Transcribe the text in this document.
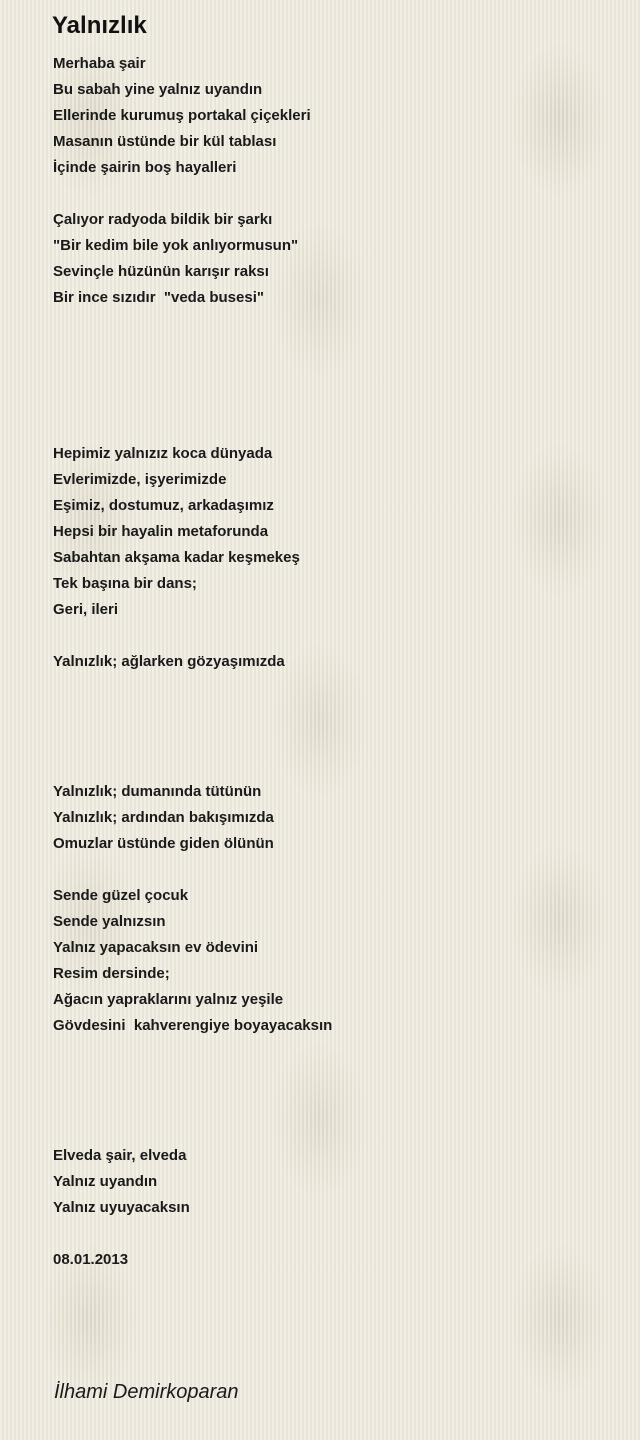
Yalnızlık
Merhaba şair
Bu sabah yine yalnız uyandın
Ellerinde kurumuş portakal çiçekleri
Masanın üstünde bir kül tablası
İçinde şairin boş hayalleri
Çalıyor radyoda bildik bir şarkı
"Bir kedim bile yok anlıyormusun"
Sevinçle hüzünün karışır raksı
Bir ince sızıdır  "veda busesi"
Hepimiz yalnızız koca dünyada
Evlerimizde, işyerimizde
Eşimiz, dostumuz, arkadaşımız
Hepsi bir hayalin metaforunda
Sabahtan akşama kadar keşmekeş
Tek başına bir dans;
Geri, ileri
Yalnızlık; ağlarken gözyaşımızda
Yalnızlık; dumanında tütünün
Yalnızlık; ardından bakışımızda
Omuzlar üstünde giden ölünün
Sende güzel çocuk
Sende yalnızsın
Yalnız yapacaksın ev ödevini
Resim dersinde;
Ağacın yapraklarını yalnız yeşile
Gövdesini  kahverengiye boyayacaksın
Elveda şair, elveda
Yalnız uyandın
Yalnız uyuyacaksın
08.01.2013
İlhami Demirkoparan
